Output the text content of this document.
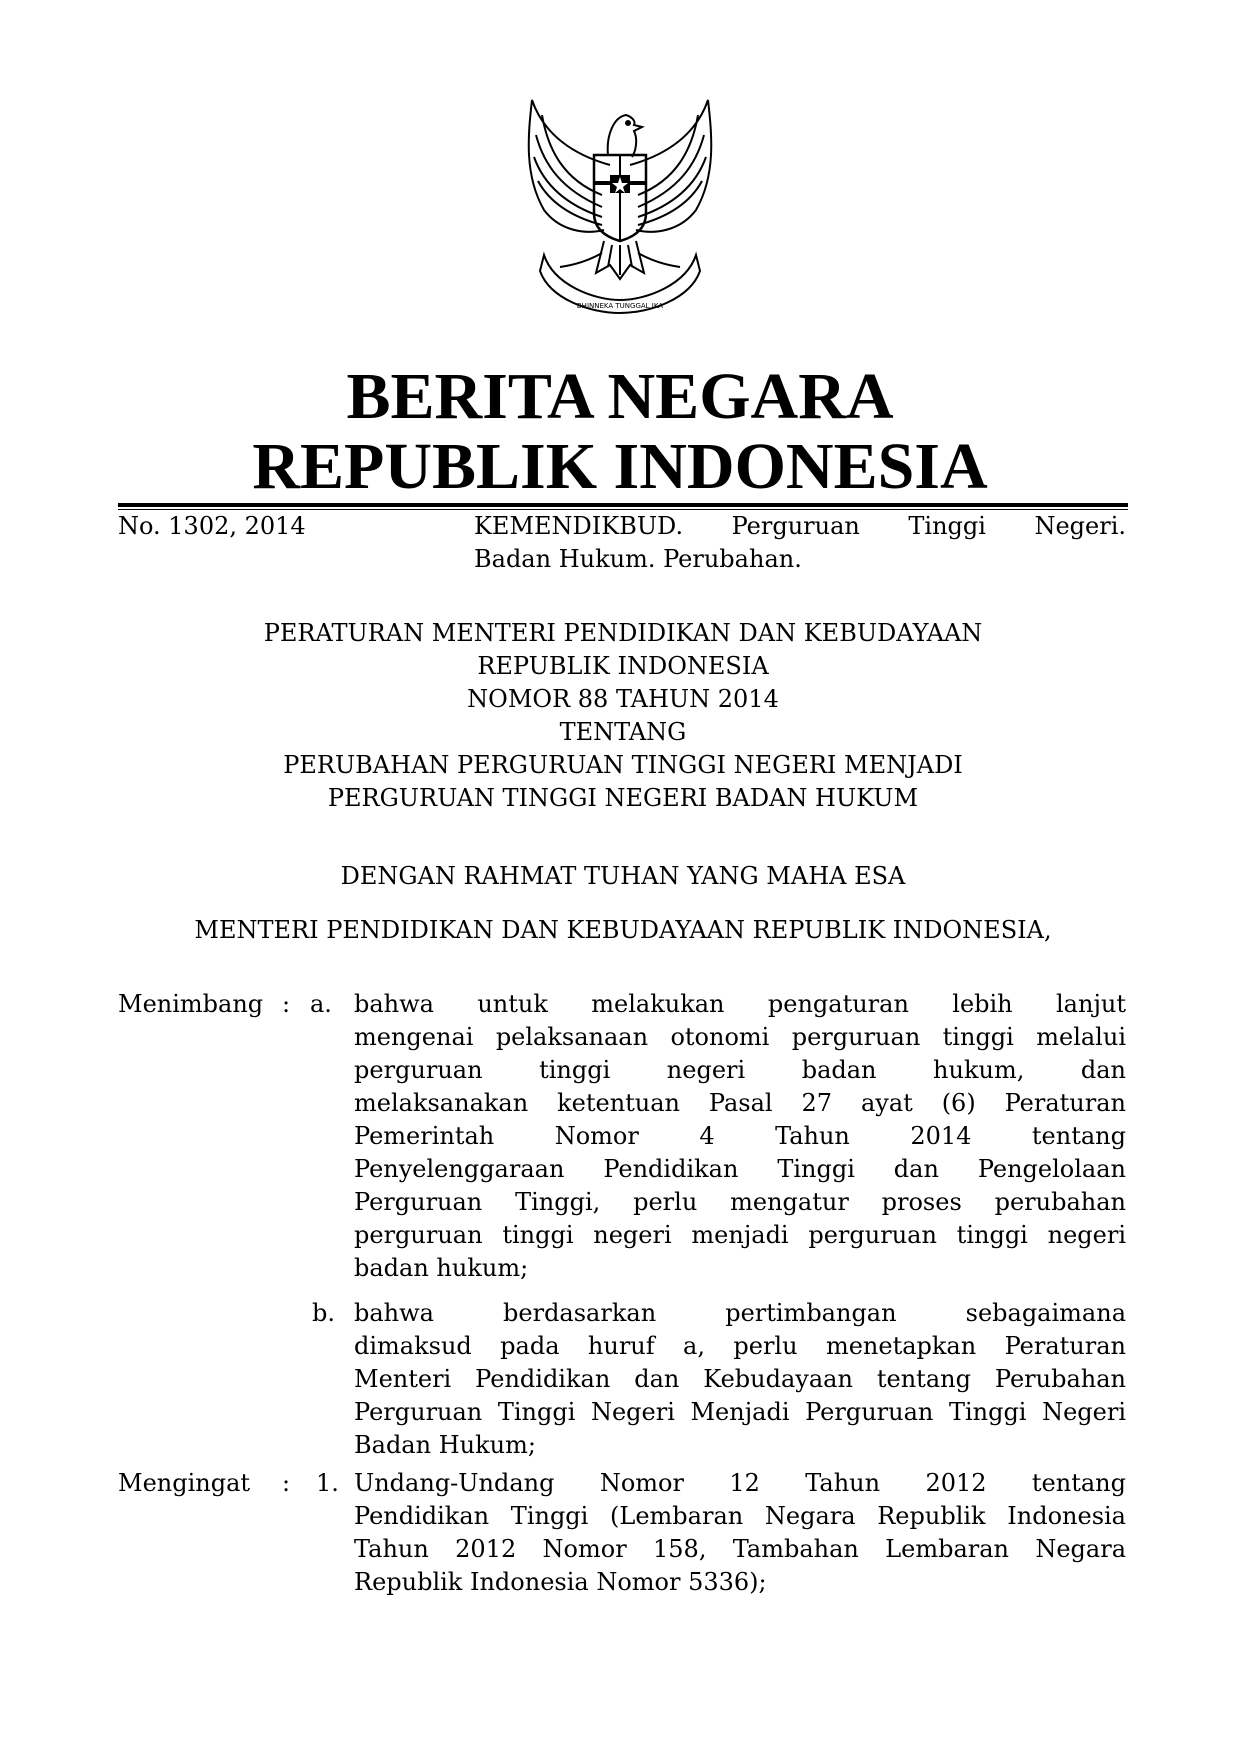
BHINNEKA TUNGGAL IKA
BERITA NEGARA
REPUBLIK INDONESIA
No. 1302, 2014	KEMENDIKBUD. Perguruan Tinggi Negeri.
Badan Hukum. Perubahan.
PERATURAN MENTERI PENDIDIKAN DAN KEBUDAYAAN
REPUBLIK INDONESIA
NOMOR 88 TAHUN 2014
TENTANG
PERUBAHAN PERGURUAN TINGGI NEGERI MENJADI
PERGURUAN TINGGI NEGERI BADAN HUKUM
DENGAN RAHMAT TUHAN YANG MAHA ESA
MENTERI PENDIDIKAN DAN KEBUDAYAAN REPUBLIK INDONESIA,
Menimbang : a. bahwa untuk melakukan pengaturan lebih lanjut
mengenai pelaksanaan otonomi perguruan tinggi melalui
perguruan tinggi negeri badan hukum, dan
melaksanakan ketentuan Pasal 27 ayat (6) Peraturan
Pemerintah Nomor 4 Tahun 2014 tentang
Penyelenggaraan Pendidikan Tinggi dan Pengelolaan
Perguruan Tinggi, perlu mengatur proses perubahan
perguruan tinggi negeri menjadi perguruan tinggi negeri
badan hukum;
b. bahwa berdasarkan pertimbangan sebagaimana
dimaksud pada huruf a, perlu menetapkan Peraturan
Menteri Pendidikan dan Kebudayaan tentang Perubahan
Perguruan Tinggi Negeri Menjadi Perguruan Tinggi Negeri
Badan Hukum;
Mengingat : 1. Undang-Undang Nomor 12 Tahun 2012 tentang
Pendidikan Tinggi (Lembaran Negara Republik Indonesia
Tahun 2012 Nomor 158, Tambahan Lembaran Negara
Republik Indonesia Nomor 5336);
